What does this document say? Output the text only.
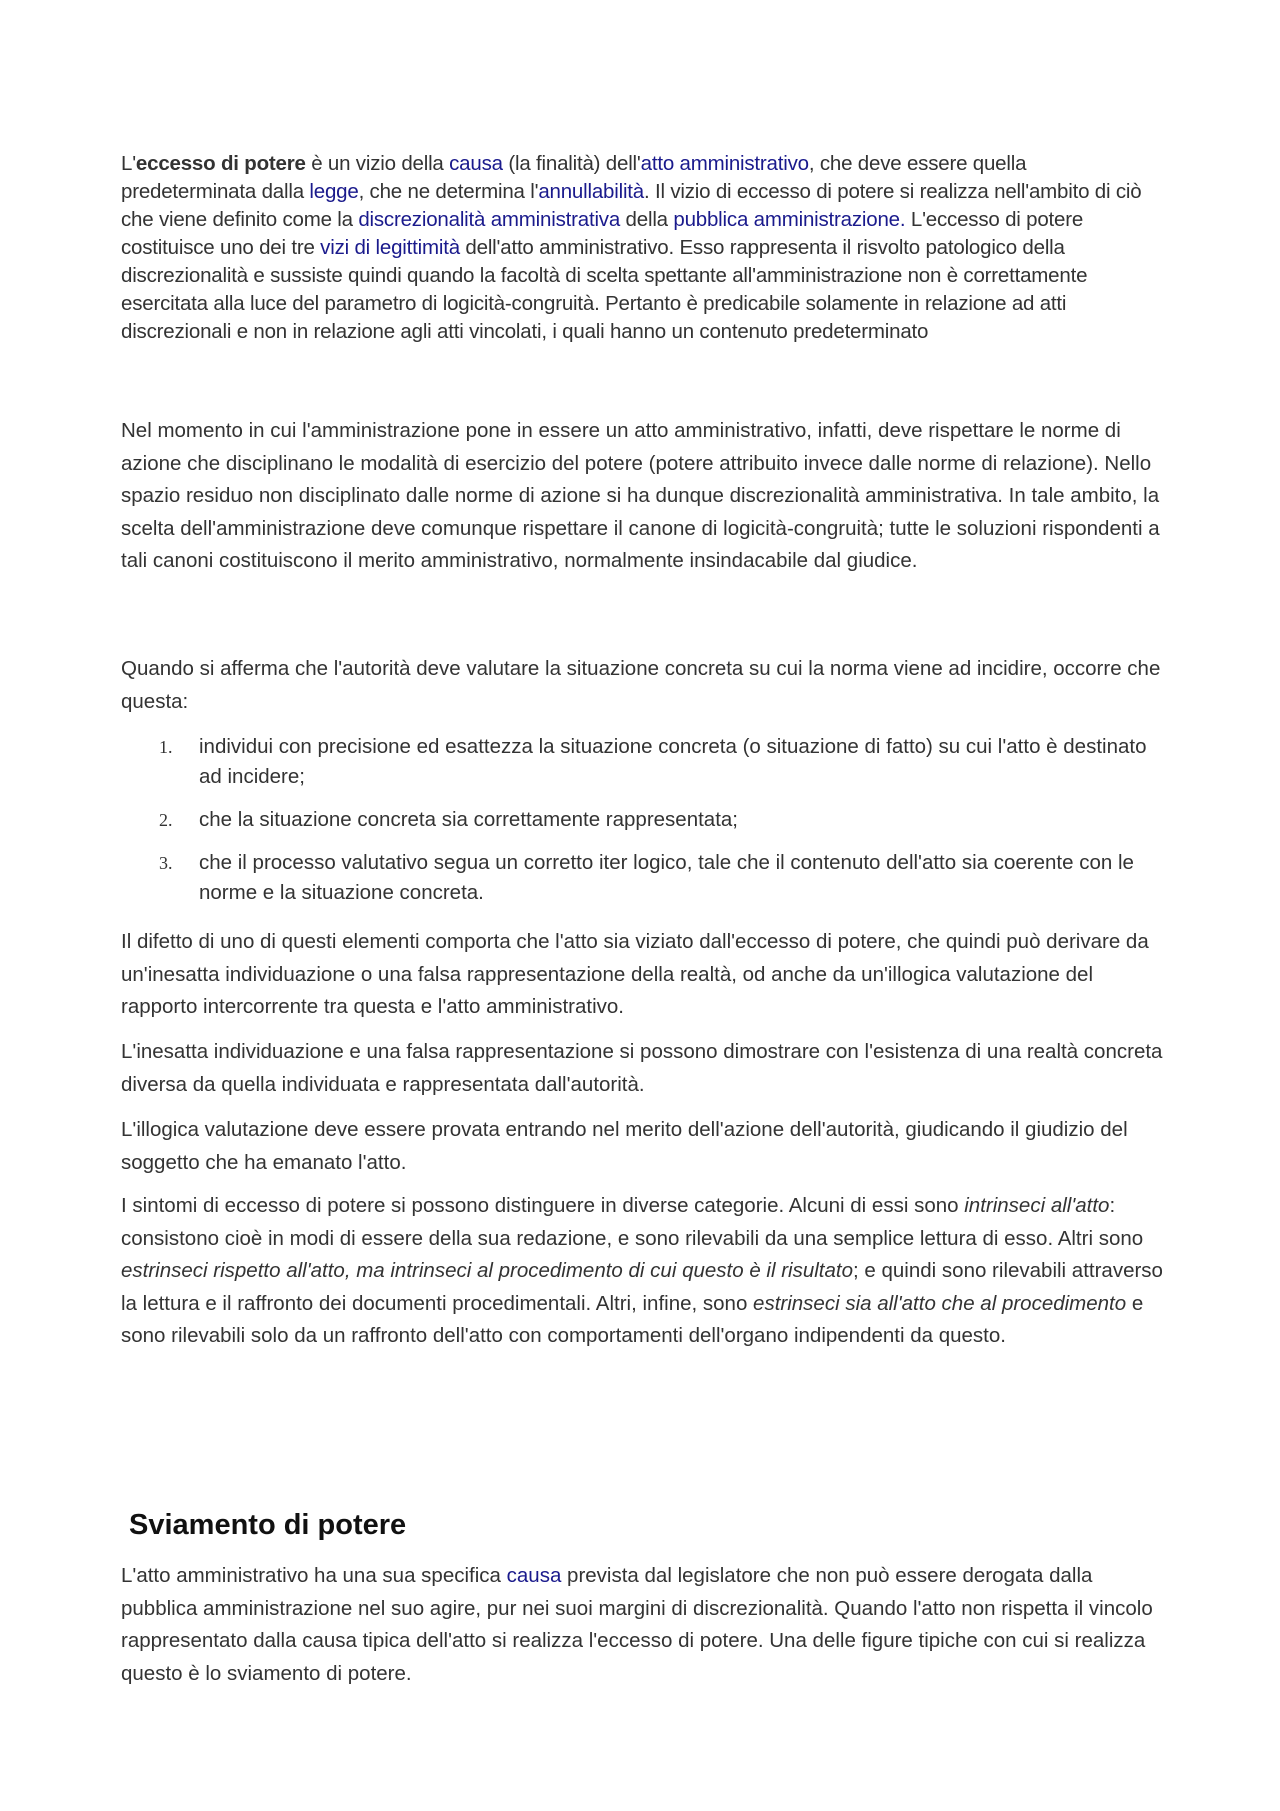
L'eccesso di potere è un vizio della causa (la finalità) dell'atto amministrativo, che deve essere quella predeterminata dalla legge, che ne determina l'annullabilità. Il vizio di eccesso di potere si realizza nell'ambito di ciò che viene definito come la discrezionalità amministrativa della pubblica amministrazione. L'eccesso di potere costituisce uno dei tre vizi di legittimità dell'atto amministrativo. Esso rappresenta il risvolto patologico della discrezionalità e sussiste quindi quando la facoltà di scelta spettante all'amministrazione non è correttamente esercitata alla luce del parametro di logicità-congruità. Pertanto è predicabile solamente in relazione ad atti discrezionali e non in relazione agli atti vincolati, i quali hanno un contenuto predeterminato
Nel momento in cui l'amministrazione pone in essere un atto amministrativo, infatti, deve rispettare le norme di azione che disciplinano le modalità di esercizio del potere (potere attribuito invece dalle norme di relazione). Nello spazio residuo non disciplinato dalle norme di azione si ha dunque discrezionalità amministrativa. In tale ambito, la scelta dell'amministrazione deve comunque rispettare il canone di logicità-congruità; tutte le soluzioni rispondenti a tali canoni costituiscono il merito amministrativo, normalmente insindacabile dal giudice.
Quando si afferma che l'autorità deve valutare la situazione concreta su cui la norma viene ad incidire, occorre che questa:
1. individui con precisione ed esattezza la situazione concreta (o situazione di fatto) su cui l'atto è destinato ad incidere;
2. che la situazione concreta sia correttamente rappresentata;
3. che il processo valutativo segua un corretto iter logico, tale che il contenuto dell'atto sia coerente con le norme e la situazione concreta.
Il difetto di uno di questi elementi comporta che l'atto sia viziato dall'eccesso di potere, che quindi può derivare da un'inesatta individuazione o una falsa rappresentazione della realtà, od anche da un'illogica valutazione del rapporto intercorrente tra questa e l'atto amministrativo.
L'inesatta individuazione e una falsa rappresentazione si possono dimostrare con l'esistenza di una realtà concreta diversa da quella individuata e rappresentata dall'autorità.
L'illogica valutazione deve essere provata entrando nel merito dell'azione dell'autorità, giudicando il giudizio del soggetto che ha emanato l'atto.
I sintomi di eccesso di potere si possono distinguere in diverse categorie. Alcuni di essi sono intrinseci all'atto: consistono cioè in modi di essere della sua redazione, e sono rilevabili da una semplice lettura di esso. Altri sono estrinseci rispetto all'atto, ma intrinseci al procedimento di cui questo è il risultato; e quindi sono rilevabili attraverso la lettura e il raffronto dei documenti procedimentali. Altri, infine, sono estrinseci sia all'atto che al procedimento e sono rilevabili solo da un raffronto dell'atto con comportamenti dell'organo indipendenti da questo.
Sviamento di potere
L'atto amministrativo ha una sua specifica causa prevista dal legislatore che non può essere derogata dalla pubblica amministrazione nel suo agire, pur nei suoi margini di discrezionalità. Quando l'atto non rispetta il vincolo rappresentato dalla causa tipica dell'atto si realizza l'eccesso di potere. Una delle figure tipiche con cui si realizza questo è lo sviamento di potere.
